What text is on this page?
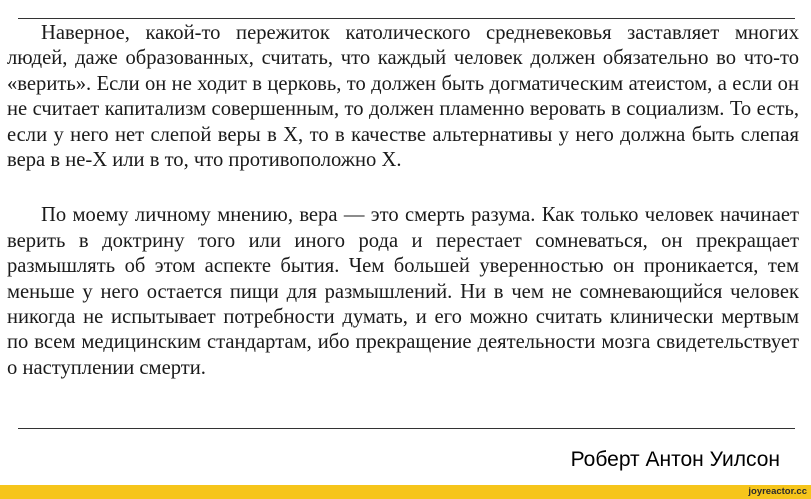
Наверное, какой-то пережиток католического средневековья заставляет многих людей, даже образованных, считать, что каждый человек должен обязательно во что-то «верить». Если он не ходит в церковь, то должен быть догматическим атеистом, а если он не считает капитализм совершенным, то должен пламенно веровать в социализм. То есть, если у него нет слепой веры в Х, то в качестве альтернативы у него должна быть слепая вера в не-Х или в то, что противоположно Х.

По моему личному мнению, вера — это смерть разума. Как только человек начинает верить в доктрину того или иного рода и перестает сомневаться, он прекращает размышлять об этом аспекте бытия. Чем большей уверенностью он проникается, тем меньше у него остается пищи для размышлений. Ни в чем не сомневающийся человек никогда не испытывает потребности думать, и его можно считать клинически мертвым по всем медицинским стандартам, ибо прекращение деятельности мозга свидетельствует о наступлении смерти.

Роберт Антон Уилсон
joyreactor.cc
